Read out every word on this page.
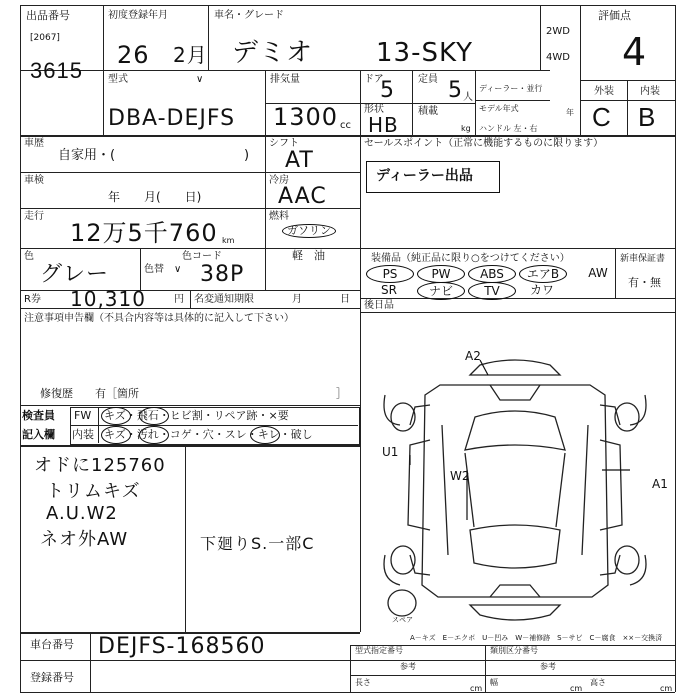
出品番号
[2067]
3615
初度登録年月
26 2月
車名・グレード
デミオ 13-SKY
2WD
4WD
評価点
4
型式	∨
DBA-DEJFS
排気量
1300 cc
ドア
5
形状
HB
定員 5 人
積載
kg
ディーラー・並行
モデル年式	年
ハンドル 左・右
外装	内装
C B
車歴
自家用・(	)
シフト
AT
車検
年　　月(　　日)
冷房
AAC
走行
12万5千760 km
燃料
ガソリン
軽　油
色
グレー	色替 ∨
色コード
38P
R券 10,310	円 名変通知期限	月	日
注意事項申告欄（不具合内容等は具体的に記入して下さい）
修復歴　　有［箇所	］
検査員
記入欄
FW キズ・飛石・ヒビ割・リペア跡・×要
内装 キズ・汚れ・コゲ・穴・スレ・キレ・破し
オドに125760
トリムキズ
A.U.W2
ネオ外AW	下廻りS.一部C
セールスポイント（正常に機能するものに限ります）
ディーラー出品
装備品（純正品に限り○をつけてください）	新車保証書
有・無
PS	PW	ABS	エアB	AW
SR	ナビ	TV	カワ
後日品
A2
U1
W2
A1
スペア
A－キズ　E－エクボ　U－凹み　W－補修跡　S－サビ　C－腐食　××－交換済
車台番号 DEJFS-168560
登録番号
型式指定番号	類別区分番号
参考	参考
長さ
cm
幅
cm
高さ
cm
